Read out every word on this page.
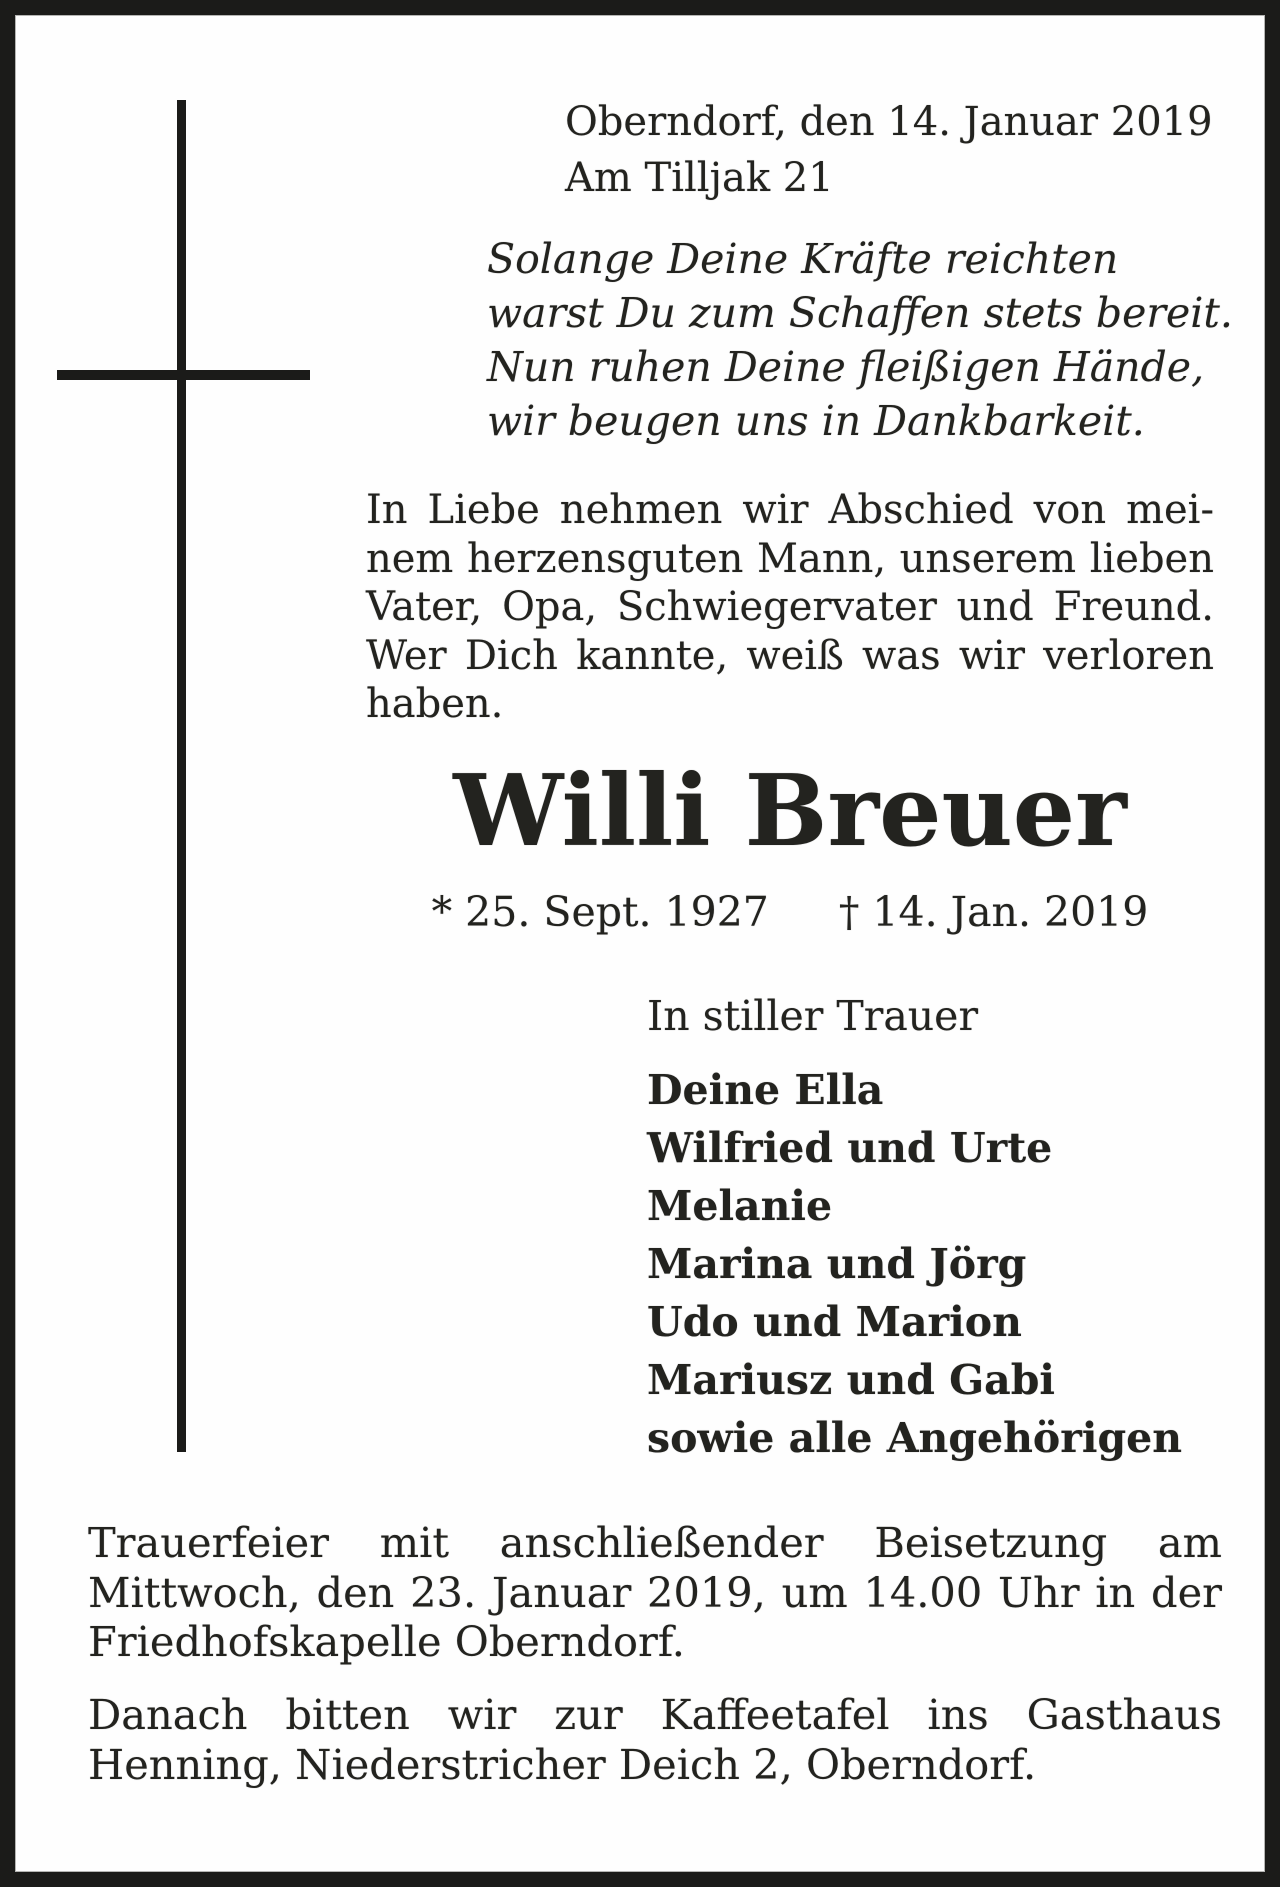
Oberndorf, den 14. Januar 2019
Am Tilljak 21
Solange Deine Kräfte reichten
warst Du zum Schaffen stets bereit.
Nun ruhen Deine fleißigen Hände,
wir beugen uns in Dankbarkeit.
In Liebe nehmen wir Abschied von mei-
nem herzensguten Mann, unserem lieben
Vater, Opa, Schwiegervater und Freund.
Wer Dich kannte, weiß was wir verloren
haben.
Willi Breuer
* 25. Sept. 1927 † 14. Jan. 2019
In stiller Trauer
Deine Ella
Wilfried und Urte
Melanie
Marina und Jörg
Udo und Marion
Mariusz und Gabi
sowie alle Angehörigen
Trauerfeier mit anschließender Beisetzung am
Mittwoch, den 23. Januar 2019, um 14.00 Uhr in der
Friedhofskapelle Oberndorf.
Danach bitten wir zur Kaffeetafel ins Gasthaus
Henning, Niederstricher Deich 2, Oberndorf.
